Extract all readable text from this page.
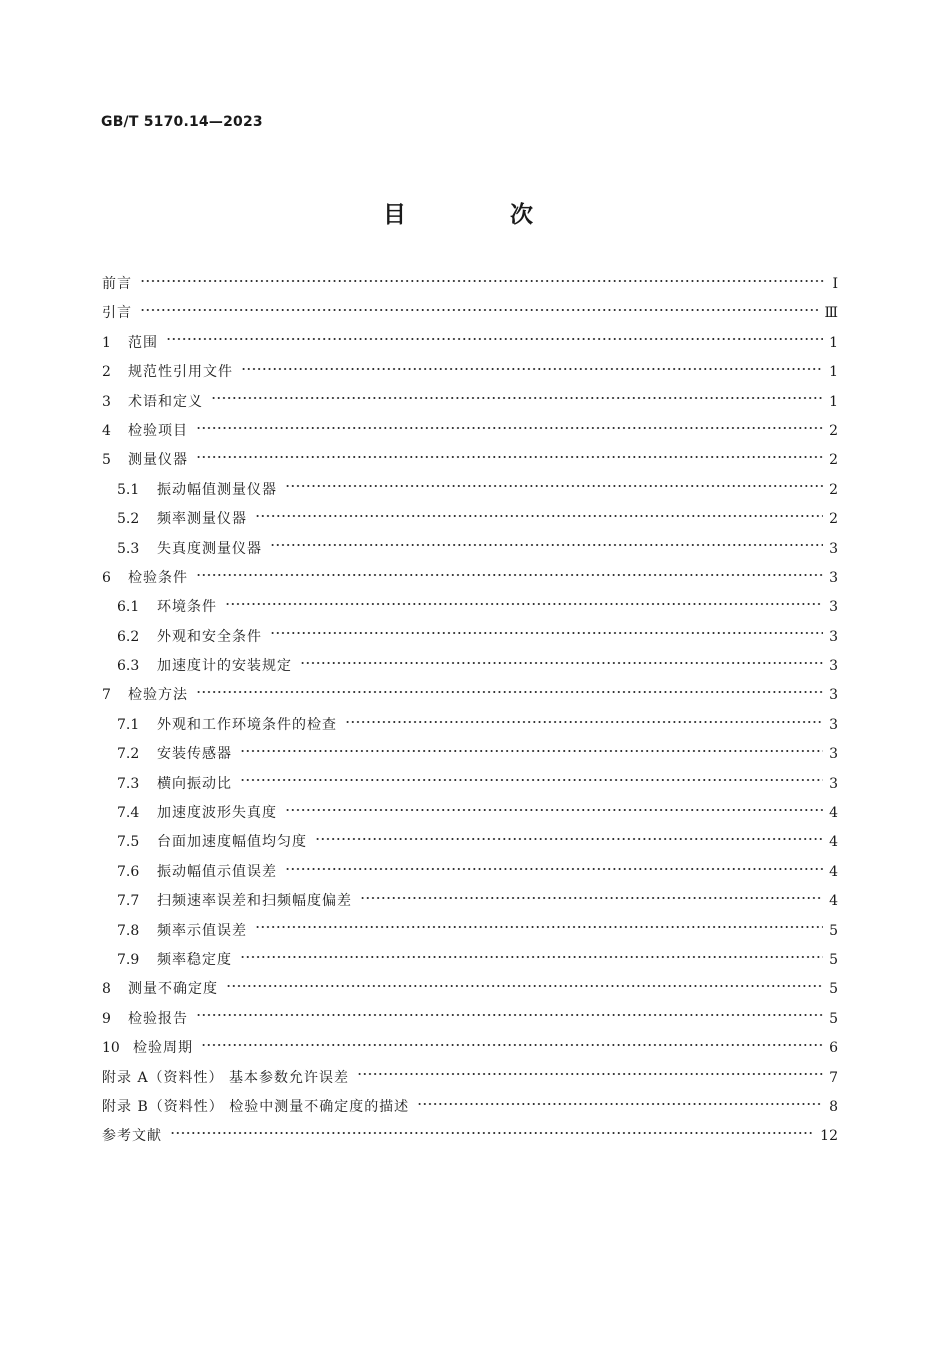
GB/T 5170.14—2023
目 次
前言	Ⅰ
引言	Ⅲ
1	范围	1
2	规范性引用文件	1
3	术语和定义	1
4	检验项目	2
5	测量仪器	2
5.1	振动幅值测量仪器	2
5.2	频率测量仪器	2
5.3	失真度测量仪器	3
6	检验条件	3
6.1	环境条件	3
6.2	外观和安全条件	3
6.3	加速度计的安装规定	3
7	检验方法	3
7.1	外观和工作环境条件的检查	3
7.2	安装传感器	3
7.3	横向振动比	3
7.4	加速度波形失真度	4
7.5	台面加速度幅值均匀度	4
7.6	振动幅值示值误差	4
7.7	扫频速率误差和扫频幅度偏差	4
7.8	频率示值误差	5
7.9	频率稳定度	5
8	测量不确定度	5
9	检验报告	5
10 检验周期	6
附录 A（资料性） 基本参数允许误差	7
附录 B（资料性） 检验中测量不确定度的描述	8
参考文献	12
